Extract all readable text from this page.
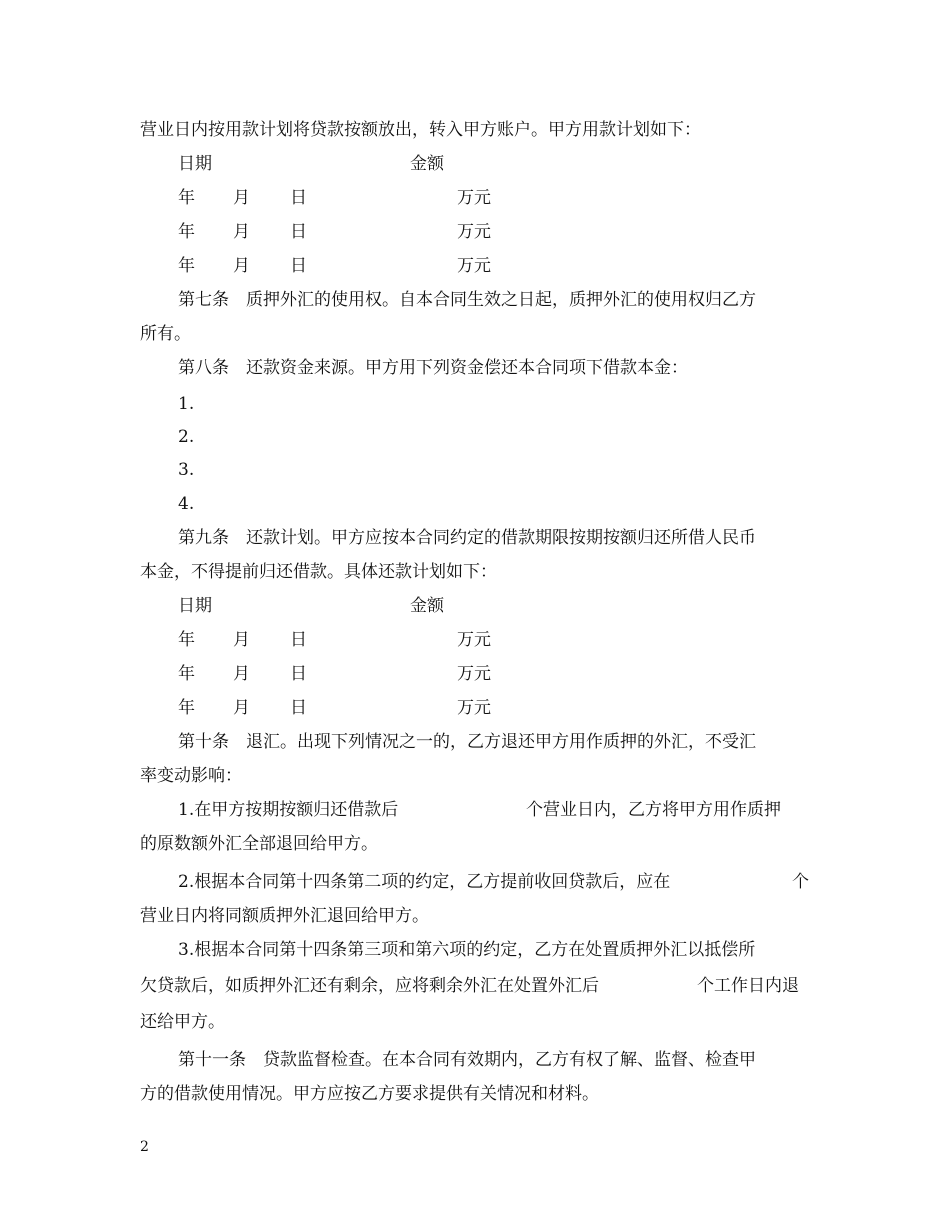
营业日内按用款计划将贷款按额放出，转入甲方账户。甲方用款计划如下：
日期	金额
年 月 日	万元
年 月 日	万元
年 月 日	万元
第七条　质押外汇的使用权。自本合同生效之日起，质押外汇的使用权归乙方
所有。
第八条　还款资金来源。甲方用下列资金偿还本合同项下借款本金：
1.
2.
3.
4.
第九条　还款计划。甲方应按本合同约定的借款期限按期按额归还所借人民币
本金，不得提前归还借款。具体还款计划如下：
日期	金额
年 月 日	万元
年 月 日	万元
年 月 日	万元
第十条　退汇。出现下列情况之一的，乙方退还甲方用作质押的外汇，不受汇
率变动影响：
1.在甲方按期按额归还借款后	个营业日内，乙方将甲方用作质押
的原数额外汇全部退回给甲方。
2.根据本合同第十四条第二项的约定，乙方提前收回贷款后，应在	个
营业日内将同额质押外汇退回给甲方。
3.根据本合同第十四条第三项和第六项的约定，乙方在处置质押外汇以抵偿所
欠贷款后，如质押外汇还有剩余，应将剩余外汇在处置外汇后	个工作日内退
还给甲方。
第十一条　贷款监督检查。在本合同有效期内，乙方有权了解、监督、检查甲
方的借款使用情况。甲方应按乙方要求提供有关情况和材料。
2
